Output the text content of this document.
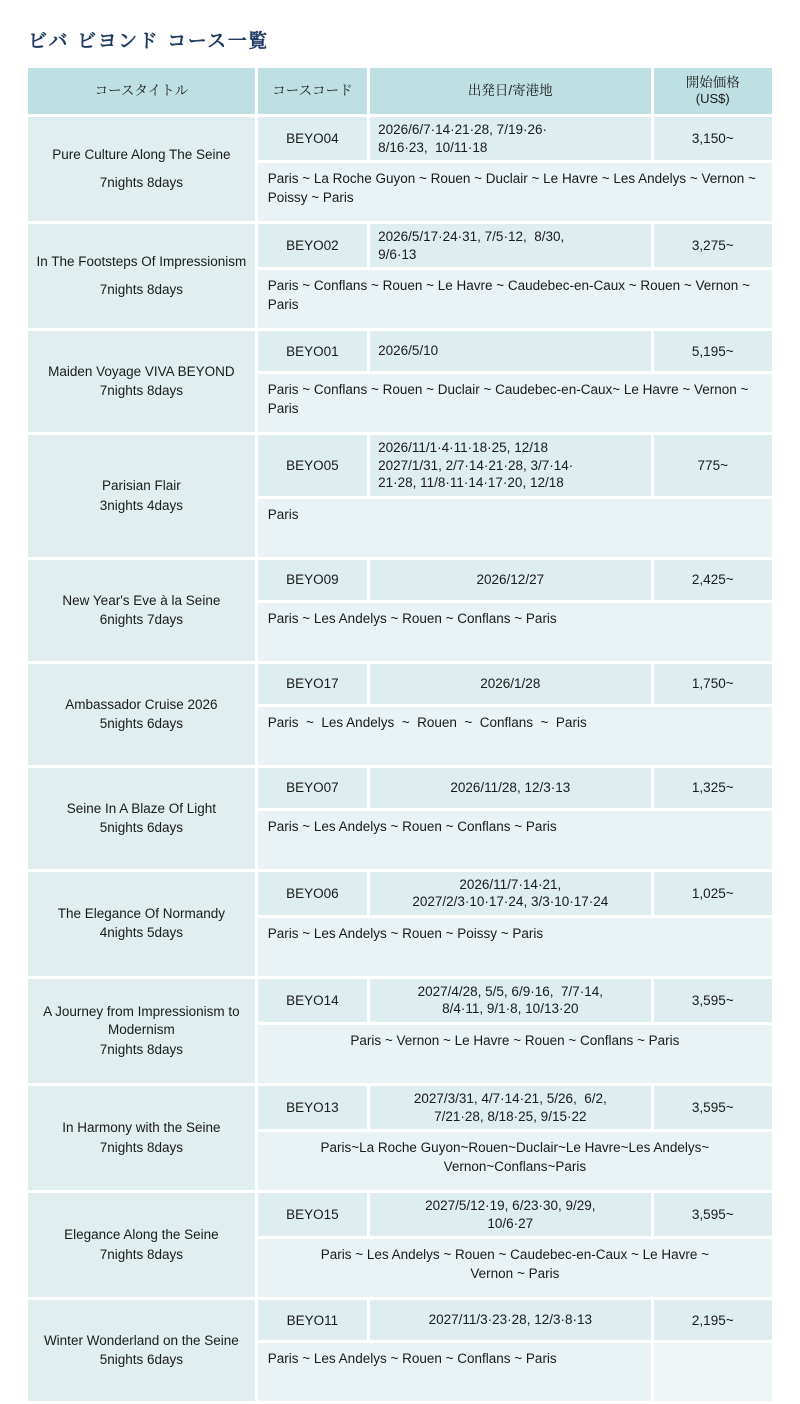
ビバ ビヨンド コース一覧
コースタイトル	コースコード	出発日/寄港地	開始価格
(US$)

Pure Culture Along The Seine
7nights 8days
	BEYO04	2026/6/7·14·21·28, 7/19·26·
8/16·23,  10/11·18	3,150~
	Paris ~ La Roche Guyon ~ Rouen ~ Duclair ~ Le Havre ~ Les Andelys ~ Vernon ~ Poissy ~ Paris		

In The Footsteps Of Impressionism
7nights 8days
	BEYO02	2026/5/17·24·31, 7/5·12,  8/30,
9/6·13	3,275~
	Paris ~ Conflans ~ Rouen ~ Le Havre ~ Caudebec-en-Caux ~ Rouen ~ Vernon ~ Paris		

Maiden Voyage VIVA BEYOND
7nights 8days	BEYO01	2026/5/10	5,195~
	Paris ~ Conflans ~ Rouen ~ Duclair ~ Caudebec-en-Caux~ Le Havre ~ Vernon ~ Paris		

Parisian Flair
3nights 4days
	BEYO05	2026/11/1·4·11·18·25, 12/18
2027/1/31, 2/7·14·21·28, 3/7·14·
21·28, 11/8·11·14·17·20, 12/18	775~
	Paris		

New Year's Eve à la Seine
6nights 7days	BEYO09	2026/12/27	2,425~
	Paris ~ Les Andelys ~ Rouen ~ Conflans ~ Paris		

Ambassador Cruise 2026
5nights 6days	BEYO17	2026/1/28	1,750~
	Paris  ~  Les Andelys  ~  Rouen  ~  Conflans  ~  Paris		

Seine In A Blaze Of Light
5nights 6days	BEYO07	2026/11/28, 12/3·13	1,325~
	Paris ~ Les Andelys ~ Rouen ~ Conflans ~ Paris		

The Elegance Of Normandy
4nights 5days
	BEYO06	2026/11/7·14·21,
2027/2/3·10·17·24, 3/3·10·17·24	1,025~
	Paris ~ Les Andelys ~ Rouen ~ Poissy ~ Paris		

A Journey from Impressionism to Modernism
7nights 8days
	BEYO14	2027/4/28, 5/5, 6/9·16,  7/7·14,
8/4·11, 9/1·8, 10/13·20	3,595~
	Paris ~ Vernon ~ Le Havre ~ Rouen ~ Conflans ~ Paris		

In Harmony with the Seine
7nights 8days
	BEYO13	2027/3/31, 4/7·14·21, 5/26,  6/2,
7/21·28, 8/18·25, 9/15·22	3,595~
	Paris~La Roche Guyon~Rouen~Duclair~Le Havre~Les Andelys~
Vernon~Conflans~Paris		

Elegance Along the Seine
7nights 8days
	BEYO15	2027/5/12·19, 6/23·30, 9/29,
10/6·27	3,595~
	Paris ~ Les Andelys ~ Rouen ~ Caudebec-en-Caux ~ Le Havre ~
Vernon ~ Paris		

Winter Wonderland on the Seine
5nights 6days	BEYO11	2027/11/3·23·28, 12/3·8·13	2,195~
	Paris ~ Les Andelys ~ Rouen ~ Conflans ~ Paris		
